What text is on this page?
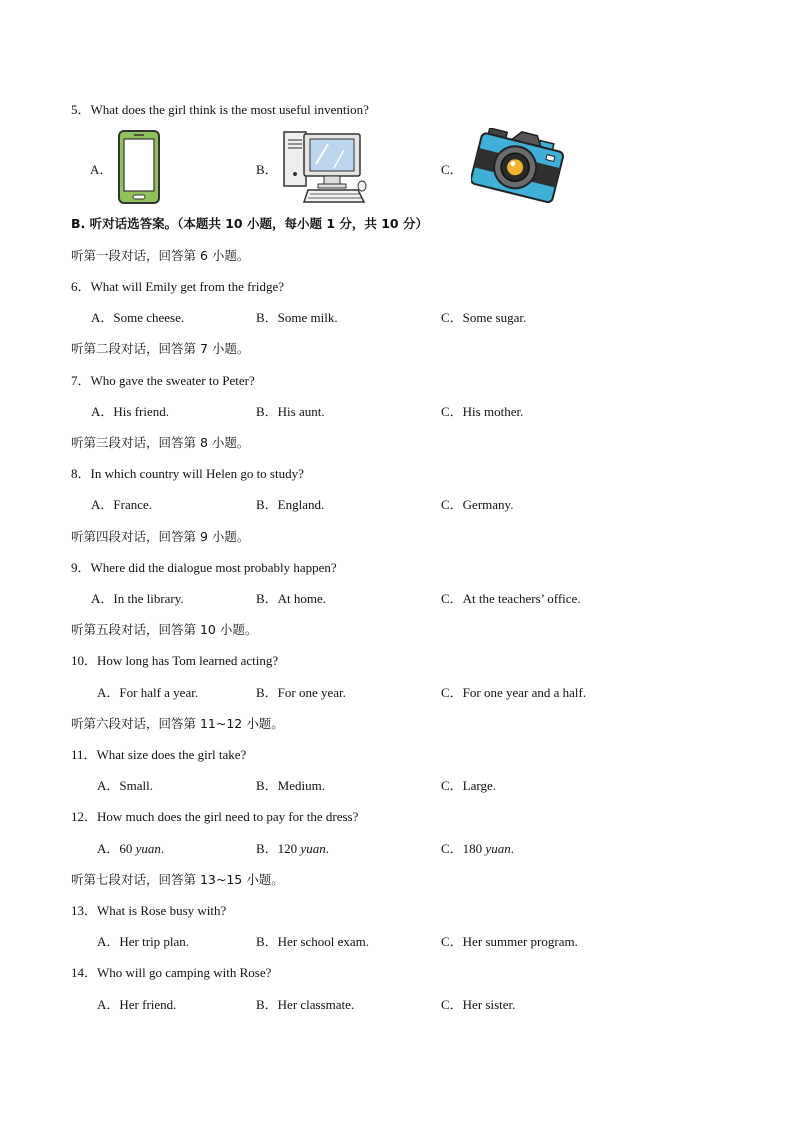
5．What does the girl think is the most useful invention?
A．	B．	C．
B. 听对话选答案。（本题共 10 小题，每小题 1 分，共 10 分）
听第一段对话，回答第 6 小题。
6．What will Emily get from the fridge?
A．Some cheese.	B．Some milk.	C．Some sugar.
听第二段对话，回答第 7 小题。
7．Who gave the sweater to Peter?
A．His friend.	B．His aunt.	C．His mother.
听第三段对话，回答第 8 小题。
8．In which country will Helen go to study?
A．France.	B．England.	C．Germany.
听第四段对话，回答第 9 小题。
9．Where did the dialogue most probably happen?
A．In the library.	B．At home.	C．At the teachers’ office.
听第五段对话，回答第 10 小题。
10．How long has Tom learned acting?
A．For half a year.	B．For one year.	C．For one year and a half.
听第六段对话，回答第 11~12 小题。
11．What size does the girl take?
A．Small.	B．Medium.	C．Large.
12．How much does the girl need to pay for the dress?
A．60 yuan.	B．120 yuan.	C．180 yuan.
听第七段对话，回答第 13~15 小题。
13．What is Rose busy with?
A．Her trip plan.	B．Her school exam.	C．Her summer program.
14．Who will go camping with Rose?
A．Her friend.	B．Her classmate.	C．Her sister.
